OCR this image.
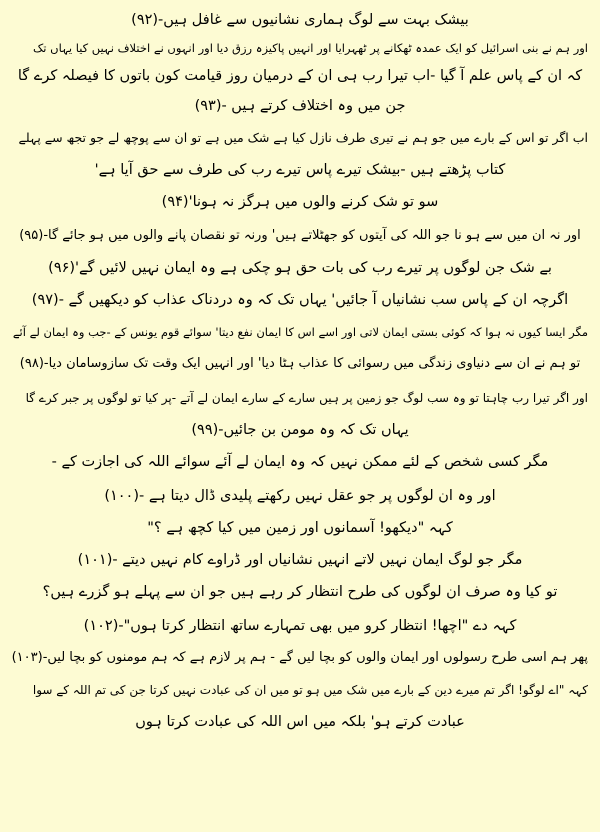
بیشک بہت سے لوگ ہماری نشانیوں سے غافل ہیں-(۹۲)
اور ہم نے بنی اسرائیل کو ایک عمدہ ٹھکانے پر ٹھہرایا اور انہیں پاکیزہ رزق دیا اور انہوں نے اختلاف نہیں کیا یہاں تک
کہ ان کے پاس علم آ گیا -اب تیرا رب ہی ان کے درمیان روز قیامت کون باتوں کا فیصلہ کرے گا
جن میں وہ اختلاف کرتے ہیں -(۹۳)
اب اگر تو اس کے بارے میں جو ہم نے تیری طرف نازل کیا ہے شک میں ہے تو ان سے پوچھ لے جو تجھ سے پہلے
کتاب پڑھتے ہیں -بیشک تیرے پاس تیرے رب کی طرف سے حق آیا ہے'
سو تو شک کرنے والوں میں ہرگز نہ ہونا'(۹۴)
اور نہ ان میں سے ہو نا جو اللہ کی آیتوں کو جھٹلاتے ہیں' ورنہ تو نقصان پانے والوں میں ہو جائے گا-(۹۵)
بے شک جن لوگوں پر تیرے رب کی بات حق ہو چکی ہے وہ ایمان نہیں لائیں گے'(۹۶)
اگرچہ ان کے پاس سب نشانیاں آ جائیں' یہاں تک کہ وہ دردناک عذاب کو دیکھیں گے -(۹۷)
مگر ایسا کیوں نہ ہوا کہ کوئی بستی ایمان لاتی اور اسے اس کا ایمان نفع دیتا' سوائے قوم یونس کے -جب وہ ایمان لے آئے
تو ہم نے ان سے دنیاوی زندگی میں رسوائی کا عذاب ہٹا دیا' اور انہیں ایک وقت تک سازوسامان دیا-(۹۸)
اور اگر تیرا رب چاہتا تو وہ سب لوگ جو زمین پر ہیں سارے کے سارے ایمان لے آتے -پر کیا تو لوگوں پر جبر کرے گا
یہاں تک کہ وہ مومن بن جائیں-(۹۹)
مگر کسی شخص کے لئے ممکن نہیں کہ وہ ایمان لے آئے سوائے اللہ کی اجازت کے -
اور وہ ان لوگوں پر جو عقل نہیں رکھتے پلیدی ڈال دیتا ہے -(۱۰۰)
کہہ "دیکھو! آسمانوں اور زمین میں کیا کچھ ہے ؟"
مگر جو لوگ ایمان نہیں لاتے انہیں نشانیاں اور ڈراوے کام نہیں دیتے -(۱۰۱)
تو کیا وہ صرف ان لوگوں کی طرح انتظار کر رہے ہیں جو ان سے پہلے ہو گزرے ہیں؟
کہہ دے "اچھا! انتظار کرو میں بھی تمہارے ساتھ انتظار کرتا ہوں"-(۱۰۲)
پھر ہم اسی طرح رسولوں اور ایمان والوں کو بچا لیں گے - ہم پر لازم ہے کہ ہم مومنوں کو بچا لیں-(۱۰۳)
کہہ "اے لوگو! اگر تم میرے دین کے بارے میں شک میں ہو تو میں ان کی عبادت نہیں کرتا جن کی تم اللہ کے سوا
عبادت کرتے ہو' بلکہ میں اس اللہ کی عبادت کرتا ہوں
